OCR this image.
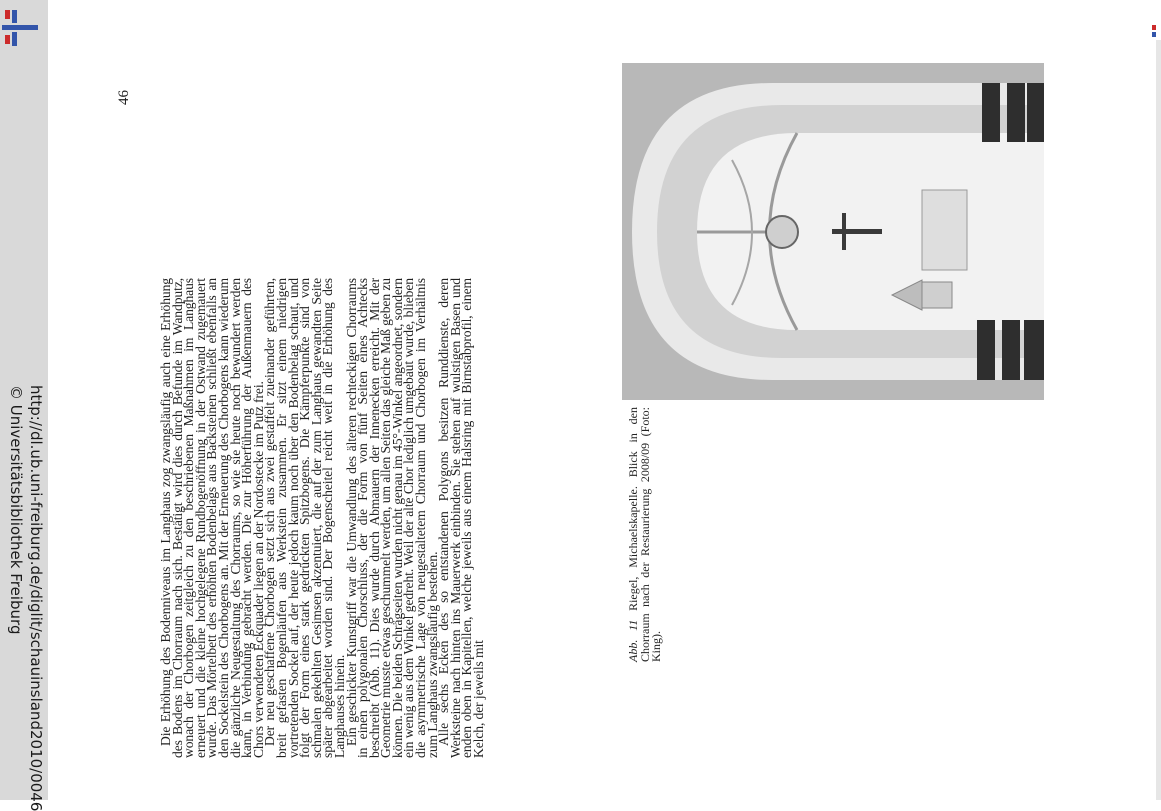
http://dl.ub.uni-freiburg.de/diglit/schauinsland2010/0046
© Universitätsbibliothek Freiburg
46

Die Erhöhung des Bodenniveaus im Langhaus zog zwangsläufig auch eine Erhöhung des Bodens im Chorraum nach sich. Bestätigt wird dies durch Befunde im Wandputz, wonach der Chorbogen zeitgleich zu den beschriebenen Maßnahmen im Langhaus erneuert und die kleine hochgelegene Rundbogenöffnung in der Ostwand zugemauert wurde. Das Mörtelbett des erhöhten Bodenbelags aus Backsteinen schließt ebenfalls an den Sockelstein des Chorbogens an. Mit der Erneuerung des Chorbogens kann wiederum die gänzliche Neugestaltung des Chorraums, so wie sie heute noch bewundert werden kann, in Verbindung gebracht werden. Die zur Höherführung der Außenmauern des Chors verwendeten Eckquader liegen an der Nordostecke im Putz frei.

Der neu geschaffene Chorbogen setzt sich aus zwei gestaffelt zueinander geführten, breit gefasten Bogenläufen aus Werkstein zusammen. Er sitzt einem niedrigen vortretenden Sockel auf, der heute jedoch kaum noch über den Bodenbelag schaut, und folgt der Form eines stark gedrückten Spitzbogens. Die Kämpferpunkte sind von schmalen gekehlten Gesimsen akzentuiert, die auf der zum Langhaus gewandten Seite später abgearbeitet worden sind. Der Bogenscheitel reicht weit in die Erhöhung des Langhauses hinein.

Ein geschickter Kunstgriff war die Umwandlung des älteren rechteckigen Chorraums in einen polygonalen Chorschluss, der die Form von fünf Seiten eines Achtecks beschreibt (Abb. 11). Dies wurde durch Abmauern der Innenecken erreicht. Mit der Geometrie musste etwas geschummelt werden, um allen Seiten das gleiche Maß geben zu können. Die beiden Schrägseiten wurden nicht genau im 45°-Winkel angeordnet, sondern ein wenig aus dem Winkel gedreht. Weil der alte Chor lediglich umgebaut wurde, blieben die asymmetrische Lage von neugestaltetem Chorraum und Chorbogen im Verhältnis zum Langhaus zwangsläufig bestehen.

Alle sechs Ecken des so entstandenen Polygons besitzen Runddienste, deren Werksteine nach hinten ins Mauerwerk einbinden. Sie stehen auf wulstigen Basen und enden oben in Kapitellen, welche jeweils aus einem Halsring mit Birnstabprofil, einem Kelch, der jeweils mit	Abb. 11 Riegel, Michaelskapelle. Blick in den Chorraum nach der Restaurierung 2008/09 (Foto: King).
